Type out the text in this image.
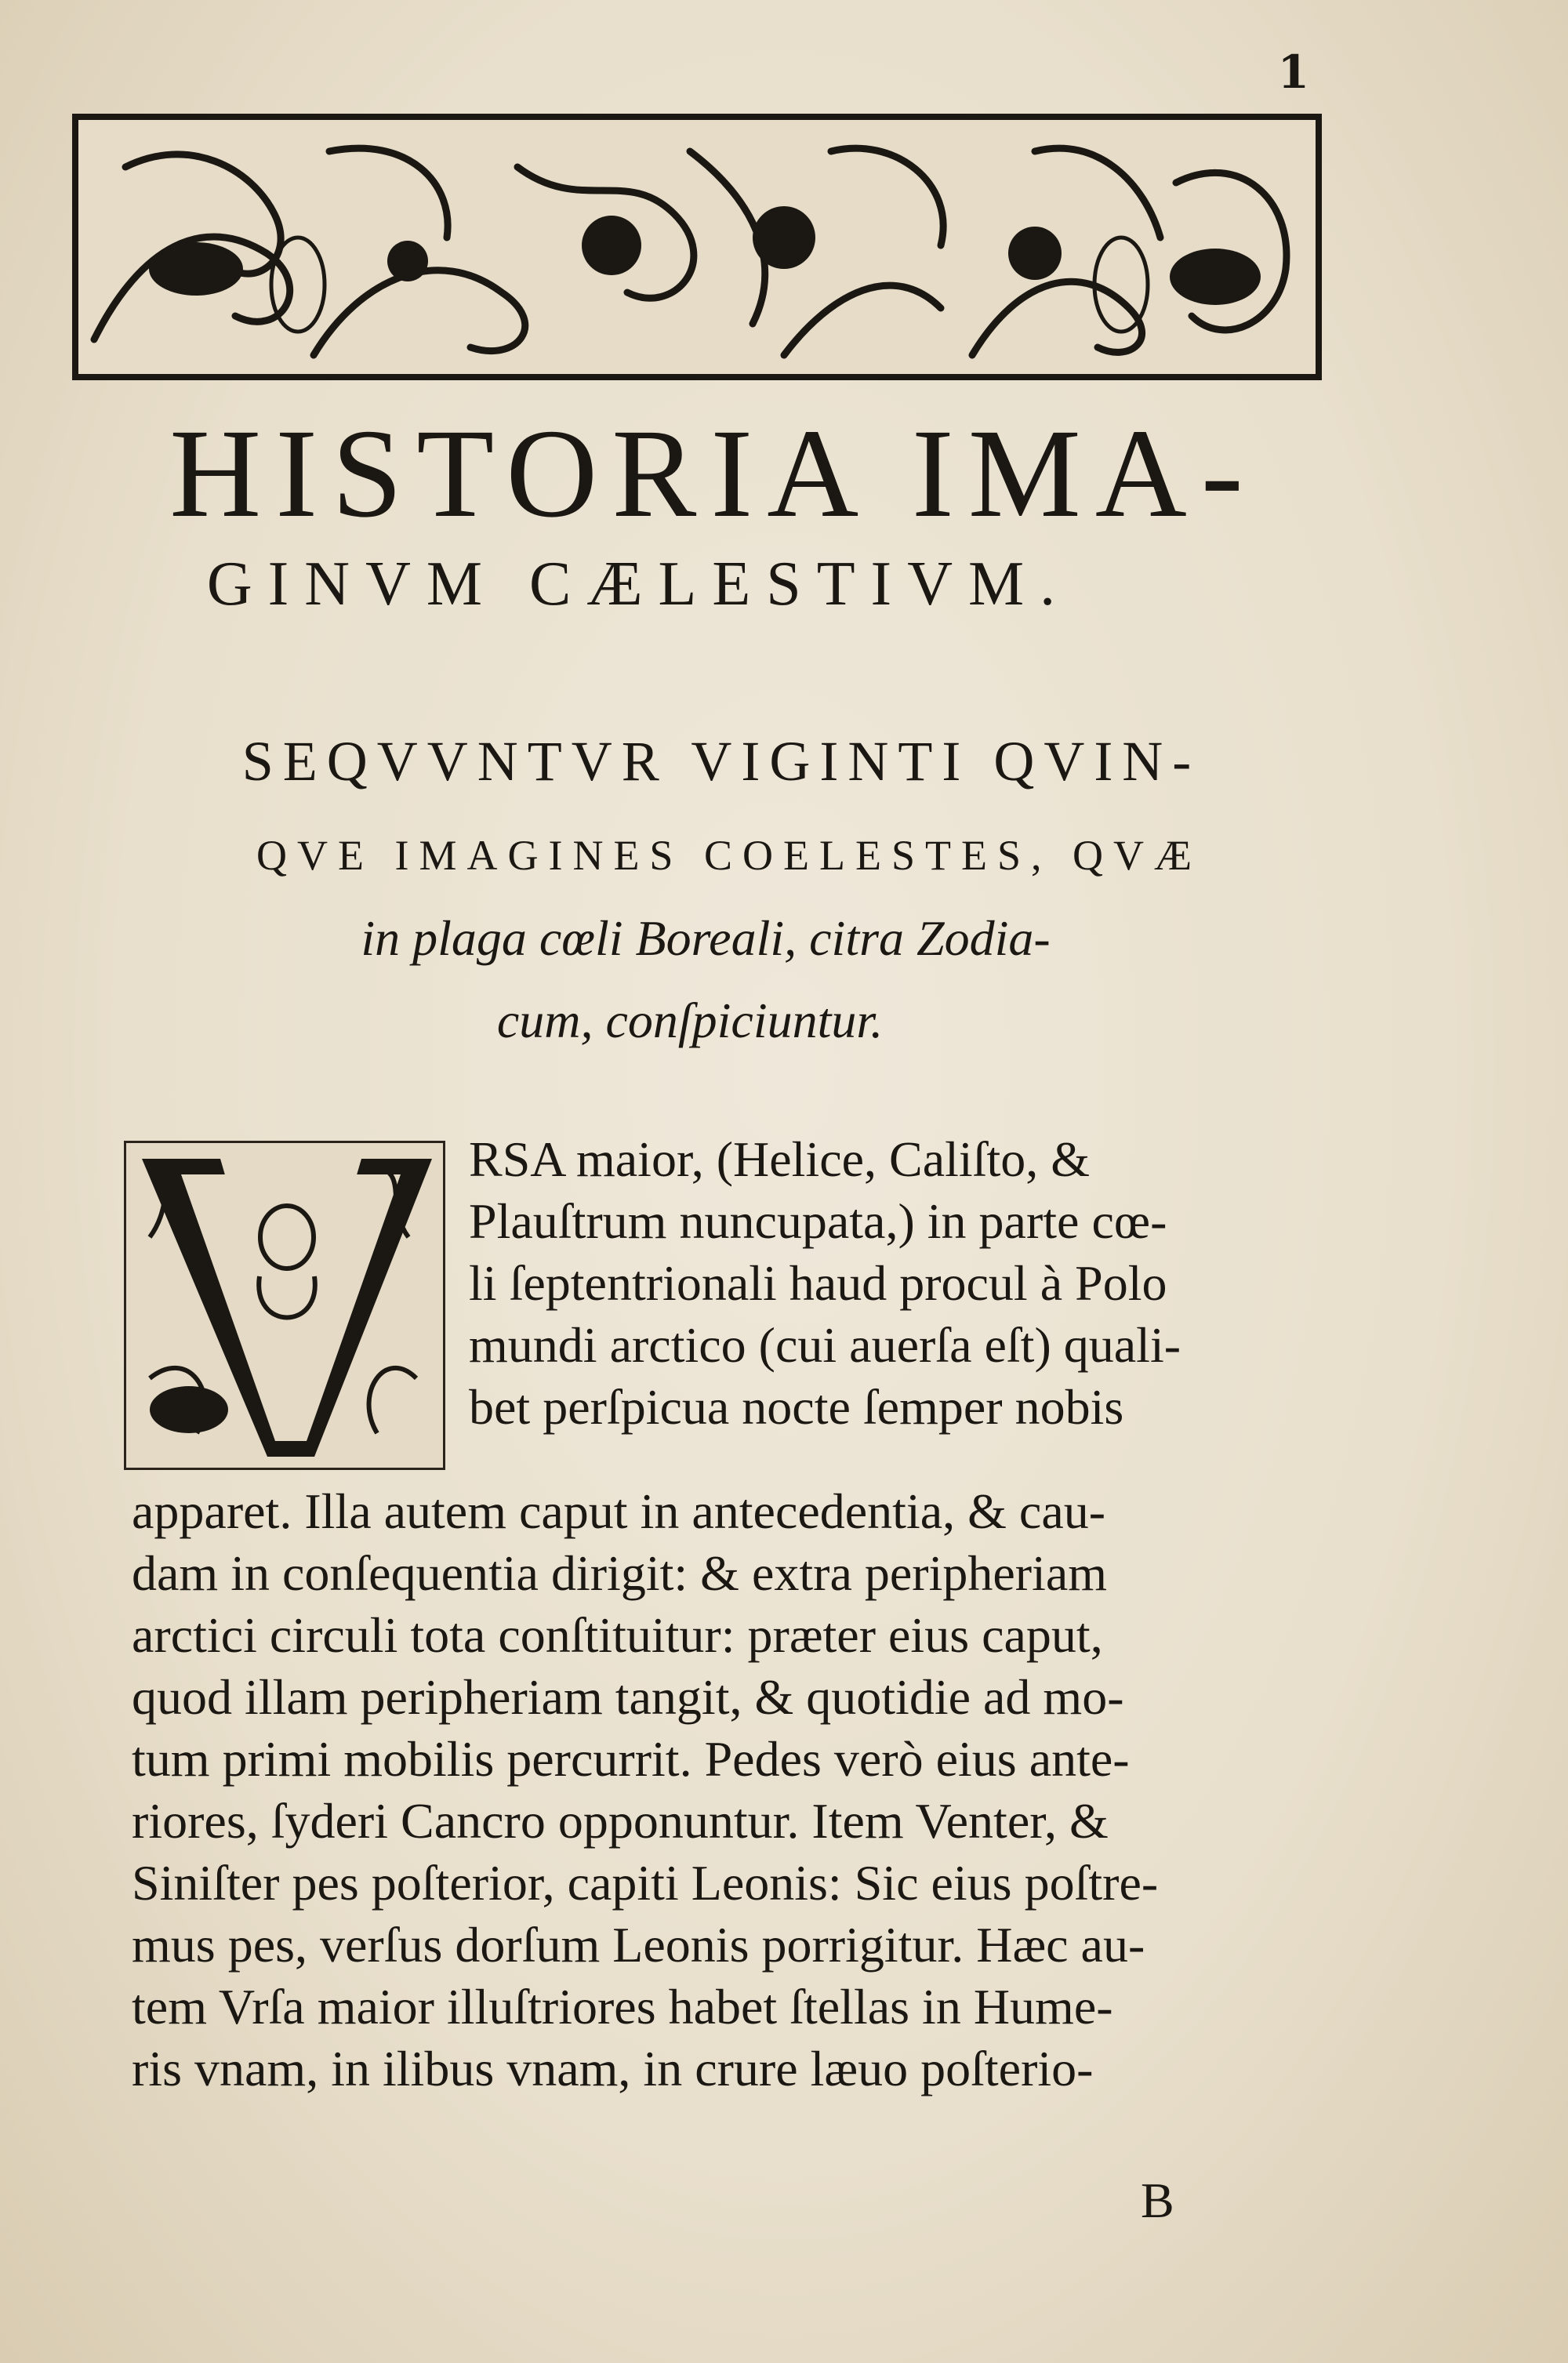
1
HISTORIA IMA-
GINVM CÆLESTIVM.
SEQVVNTVR VIGINTI QVIN-
QVE IMAGINES COELESTES, QVÆ
in plaga cœli Boreali, citra Zodia-
cum, conſpiciuntur.
RSA maior, (Helice, Caliſto, &
Plauſtrum nuncupata,) in parte cœ-
li ſeptentrionali haud procul à Polo
mundi arctico (cui auerſa eſt) quali-
bet perſpicua nocte ſemper nobis
apparet. Illa autem caput in antecedentia, & cau-
dam in conſequentia dirigit: & extra peripheriam
arctici circuli tota conſtituitur: præter eius caput,
quod illam peripheriam tangit, & quotidie ad mo-
tum primi mobilis percurrit. Pedes verò eius ante-
riores, ſyderi Cancro opponuntur. Item Venter, &
Siniſter pes poſterior, capiti Leonis: Sic eius poſtre-
mus pes, verſus dorſum Leonis porrigitur. Hæc au-
tem Vrſa maior illuſtriores habet ſtellas in Hume-
ris vnam, in ilibus vnam, in crure læuo poſterio-
B
